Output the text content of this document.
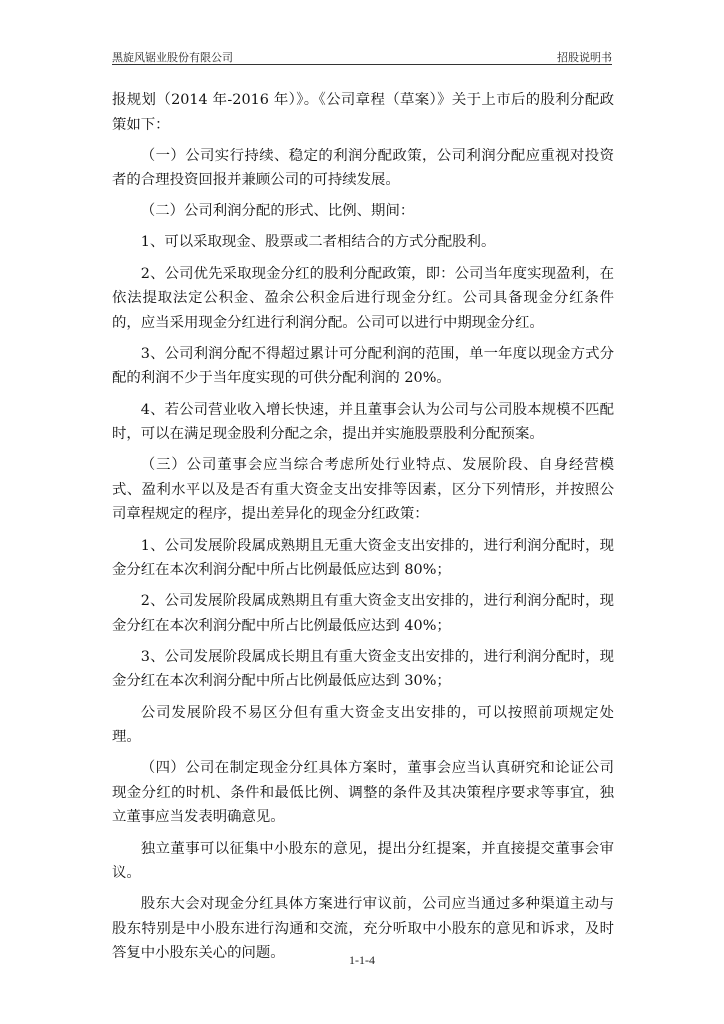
黑旋风锯业股份有限公司	招股说明书

报规划（2014 年-2016 年）》。《公司章程（草案）》关于上市后的股利分配政策如下：

（一）公司实行持续、稳定的利润分配政策，公司利润分配应重视对投资者的合理投资回报并兼顾公司的可持续发展。

（二）公司利润分配的形式、比例、期间：

1、可以采取现金、股票或二者相结合的方式分配股利。

2、公司优先采取现金分红的股利分配政策，即：公司当年度实现盈利，在依法提取法定公积金、盈余公积金后进行现金分红。公司具备现金分红条件的，应当采用现金分红进行利润分配。公司可以进行中期现金分红。

3、公司利润分配不得超过累计可分配利润的范围，单一年度以现金方式分配的利润不少于当年度实现的可供分配利润的 20%。

4、若公司营业收入增长快速，并且董事会认为公司与公司股本规模不匹配时，可以在满足现金股利分配之余，提出并实施股票股利分配预案。

（三）公司董事会应当综合考虑所处行业特点、发展阶段、自身经营模式、盈利水平以及是否有重大资金支出安排等因素，区分下列情形，并按照公司章程规定的程序，提出差异化的现金分红政策：

1、公司发展阶段属成熟期且无重大资金支出安排的，进行利润分配时，现金分红在本次利润分配中所占比例最低应达到 80%；

2、公司发展阶段属成熟期且有重大资金支出安排的，进行利润分配时，现金分红在本次利润分配中所占比例最低应达到 40%；

3、公司发展阶段属成长期且有重大资金支出安排的，进行利润分配时，现金分红在本次利润分配中所占比例最低应达到 30%；

公司发展阶段不易区分但有重大资金支出安排的，可以按照前项规定处理。

（四）公司在制定现金分红具体方案时，董事会应当认真研究和论证公司现金分红的时机、条件和最低比例、调整的条件及其决策程序要求等事宜，独立董事应当发表明确意见。

独立董事可以征集中小股东的意见，提出分红提案，并直接提交董事会审议。

股东大会对现金分红具体方案进行审议前，公司应当通过多种渠道主动与股东特别是中小股东进行沟通和交流，充分听取中小股东的意见和诉求，及时答复中小股东关心的问题。	1-1-4
